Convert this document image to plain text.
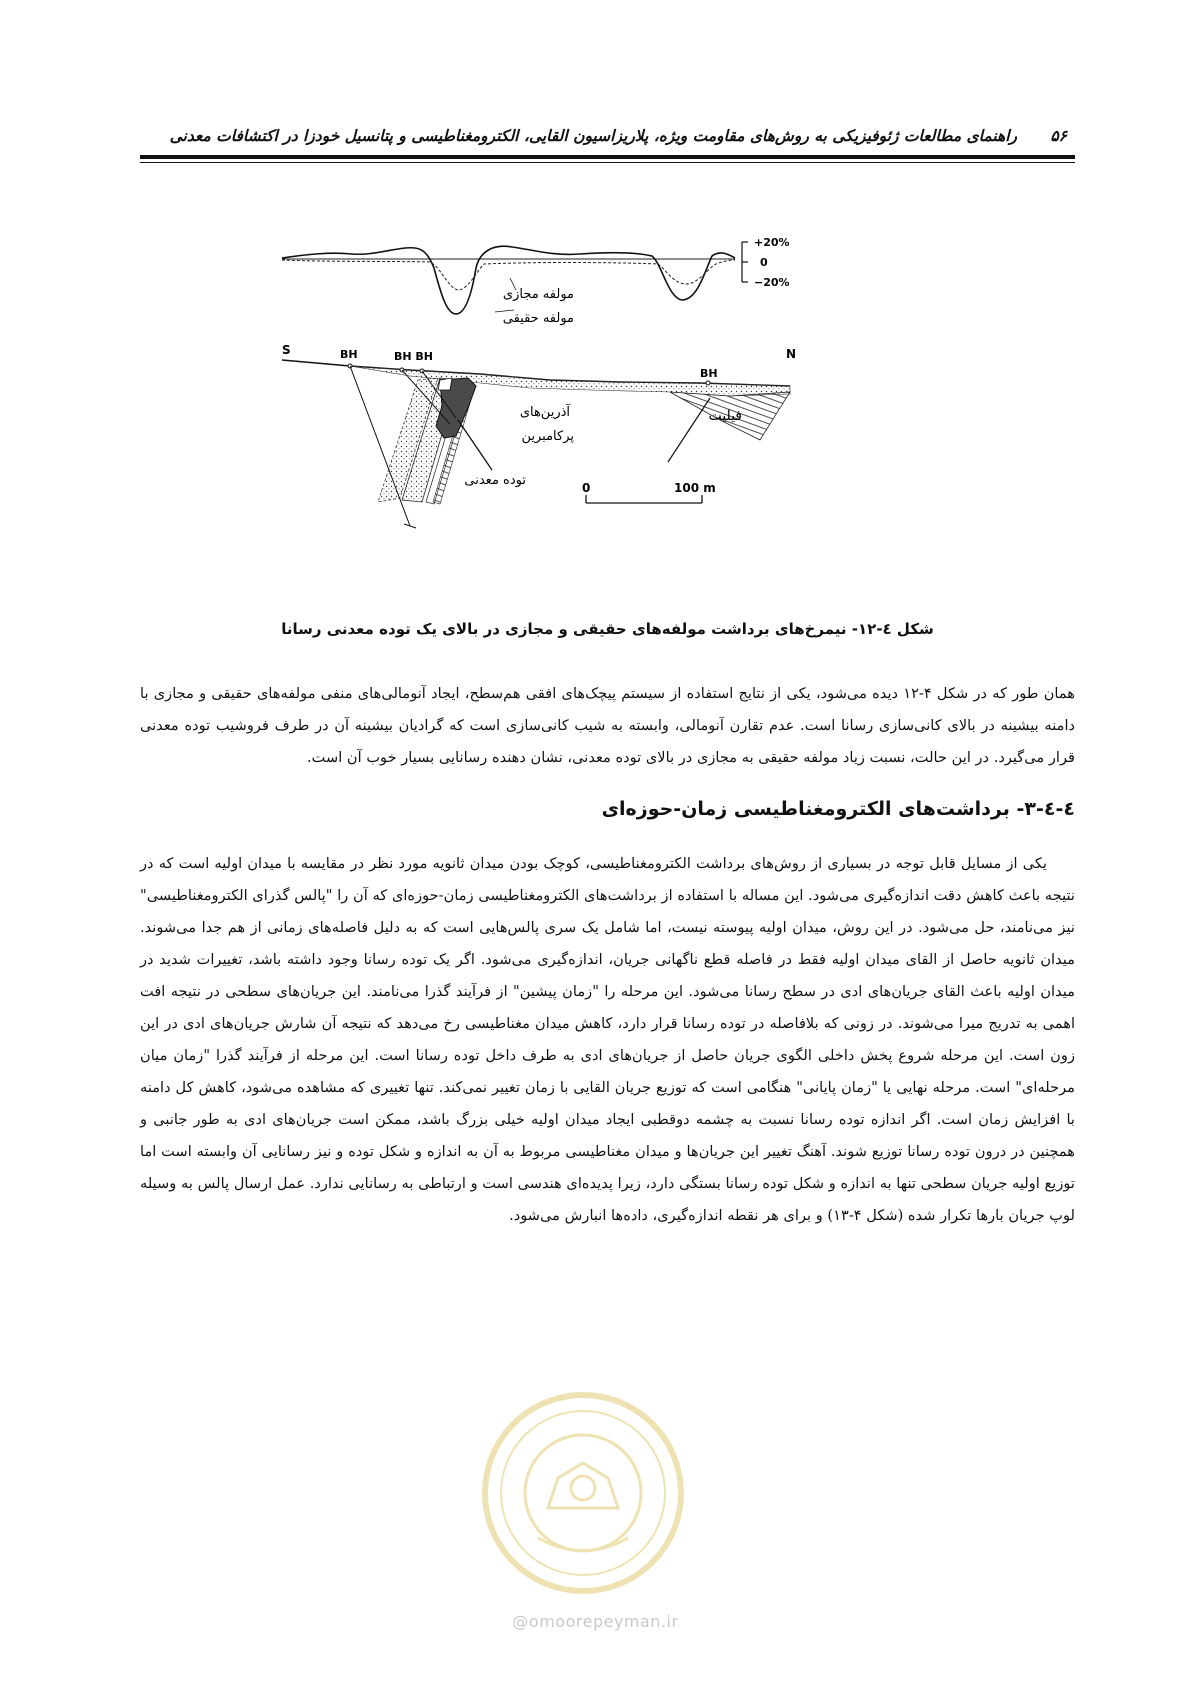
۵۶
راهنمای مطالعات ژئوفیزیکی به روش‌های مقاومت ویژه، پلاریزاسیون القایی، الکترومغناطیسی و پتانسیل خودزا در اکتشافات معدنی
+20%
0
−20%
مولفه مجازی
مولفه حقیقی
S	N
BH	BH BH
BH
آذرین‌های
پرکامبرین
فیلیت
توده معدنی	0	100 m
شکل ٤-١٢- نیمرخ‌های برداشت مولفه‌های حقیقی و مجازی در بالای یک توده معدنی رسانا

همان طور که در شکل ۴-۱۲ دیده می‌شود، یکی از نتایج استفاده از سیستم پیچک‌های افقی هم‌سطح، ایجاد آنومالی‌های منفی مولفه‌های حقیقی و مجازی با دامنه بیشینه در بالای کانی‌سازی رسانا است. عدم تقارن آنومالی، وابسته به شیب کانی‌سازی است که گرادیان بیشینه آن در طرف فروشیب توده معدنی قرار می‌گیرد. در این حالت، نسبت زیاد مولفه حقیقی به مجازی در بالای توده معدنی، نشان دهنده رسانایی بسیار خوب آن است.

٤-٤-٣- برداشت‌های الکترومغناطیسی زمان-حوزه‌ای

یکی از مسایل قابل توجه در بسیاری از روش‌های برداشت الکترومغناطیسی، کوچک بودن میدان ثانویه مورد نظر در مقایسه با میدان اولیه است که در نتیجه باعث کاهش دقت اندازه‌گیری می‌شود. این مساله با استفاده از برداشت‌های الکترومغناطیسی زمان-حوزه‌ای که آن را "پالس گذرای الکترومغناطیسی" نیز می‌نامند، حل می‌شود. در این روش، میدان اولیه پیوسته نیست، اما شامل یک سری پالس‌هایی است که به دلیل فاصله‌های زمانی از هم جدا می‌شوند. میدان ثانویه حاصل از القای میدان اولیه فقط در فاصله قطع ناگهانی جریان، اندازه‌گیری می‌شود. اگر یک توده رسانا وجود داشته باشد، تغییرات شدید در میدان اولیه باعث القای جریان‌های ادی در سطح رسانا می‌شود. این مرحله را "زمان پیشین" از فرآیند گذرا می‌نامند. این جریان‌های سطحی در نتیجه افت اهمی به تدریج میرا می‌شوند. در زونی که بلافاصله در توده رسانا قرار دارد، کاهش میدان مغناطیسی رخ می‌دهد که نتیجه آن شارش جریان‌های ادی در این زون است. این مرحله شروع پخش داخلی الگوی جریان حاصل از جریان‌های ادی به طرف داخل توده رسانا است. این مرحله از فرآیند گذرا "زمان میان مرحله‌ای" است. مرحله نهایی یا "زمان پایانی" هنگامی است که توزیع جریان القایی با زمان تغییر نمی‌کند. تنها تغییری که مشاهده می‌شود، کاهش کل دامنه با افزایش زمان است. اگر اندازه توده رسانا نسبت به چشمه دوقطبی ایجاد میدان اولیه خیلی بزرگ باشد، ممکن است جریان‌های ادی به طور جانبی و همچنین در درون توده رسانا توزیع شوند. آهنگ تغییر این جریان‌ها و میدان مغناطیسی مربوط به آن به اندازه و شکل توده و نیز رسانایی آن وابسته است اما توزیع اولیه جریان سطحی تنها به اندازه و شکل توده رسانا بستگی دارد، زیرا پدیده‌ای هندسی است و ارتباطی به رسانایی ندارد. عمل ارسال پالس به وسیله لوپ جریان بارها تکرار شده (شکل ۴-۱۳) و برای هر نقطه اندازه‌گیری، داده‌ها انبارش می‌شود.

@omoorepeyman.ir
